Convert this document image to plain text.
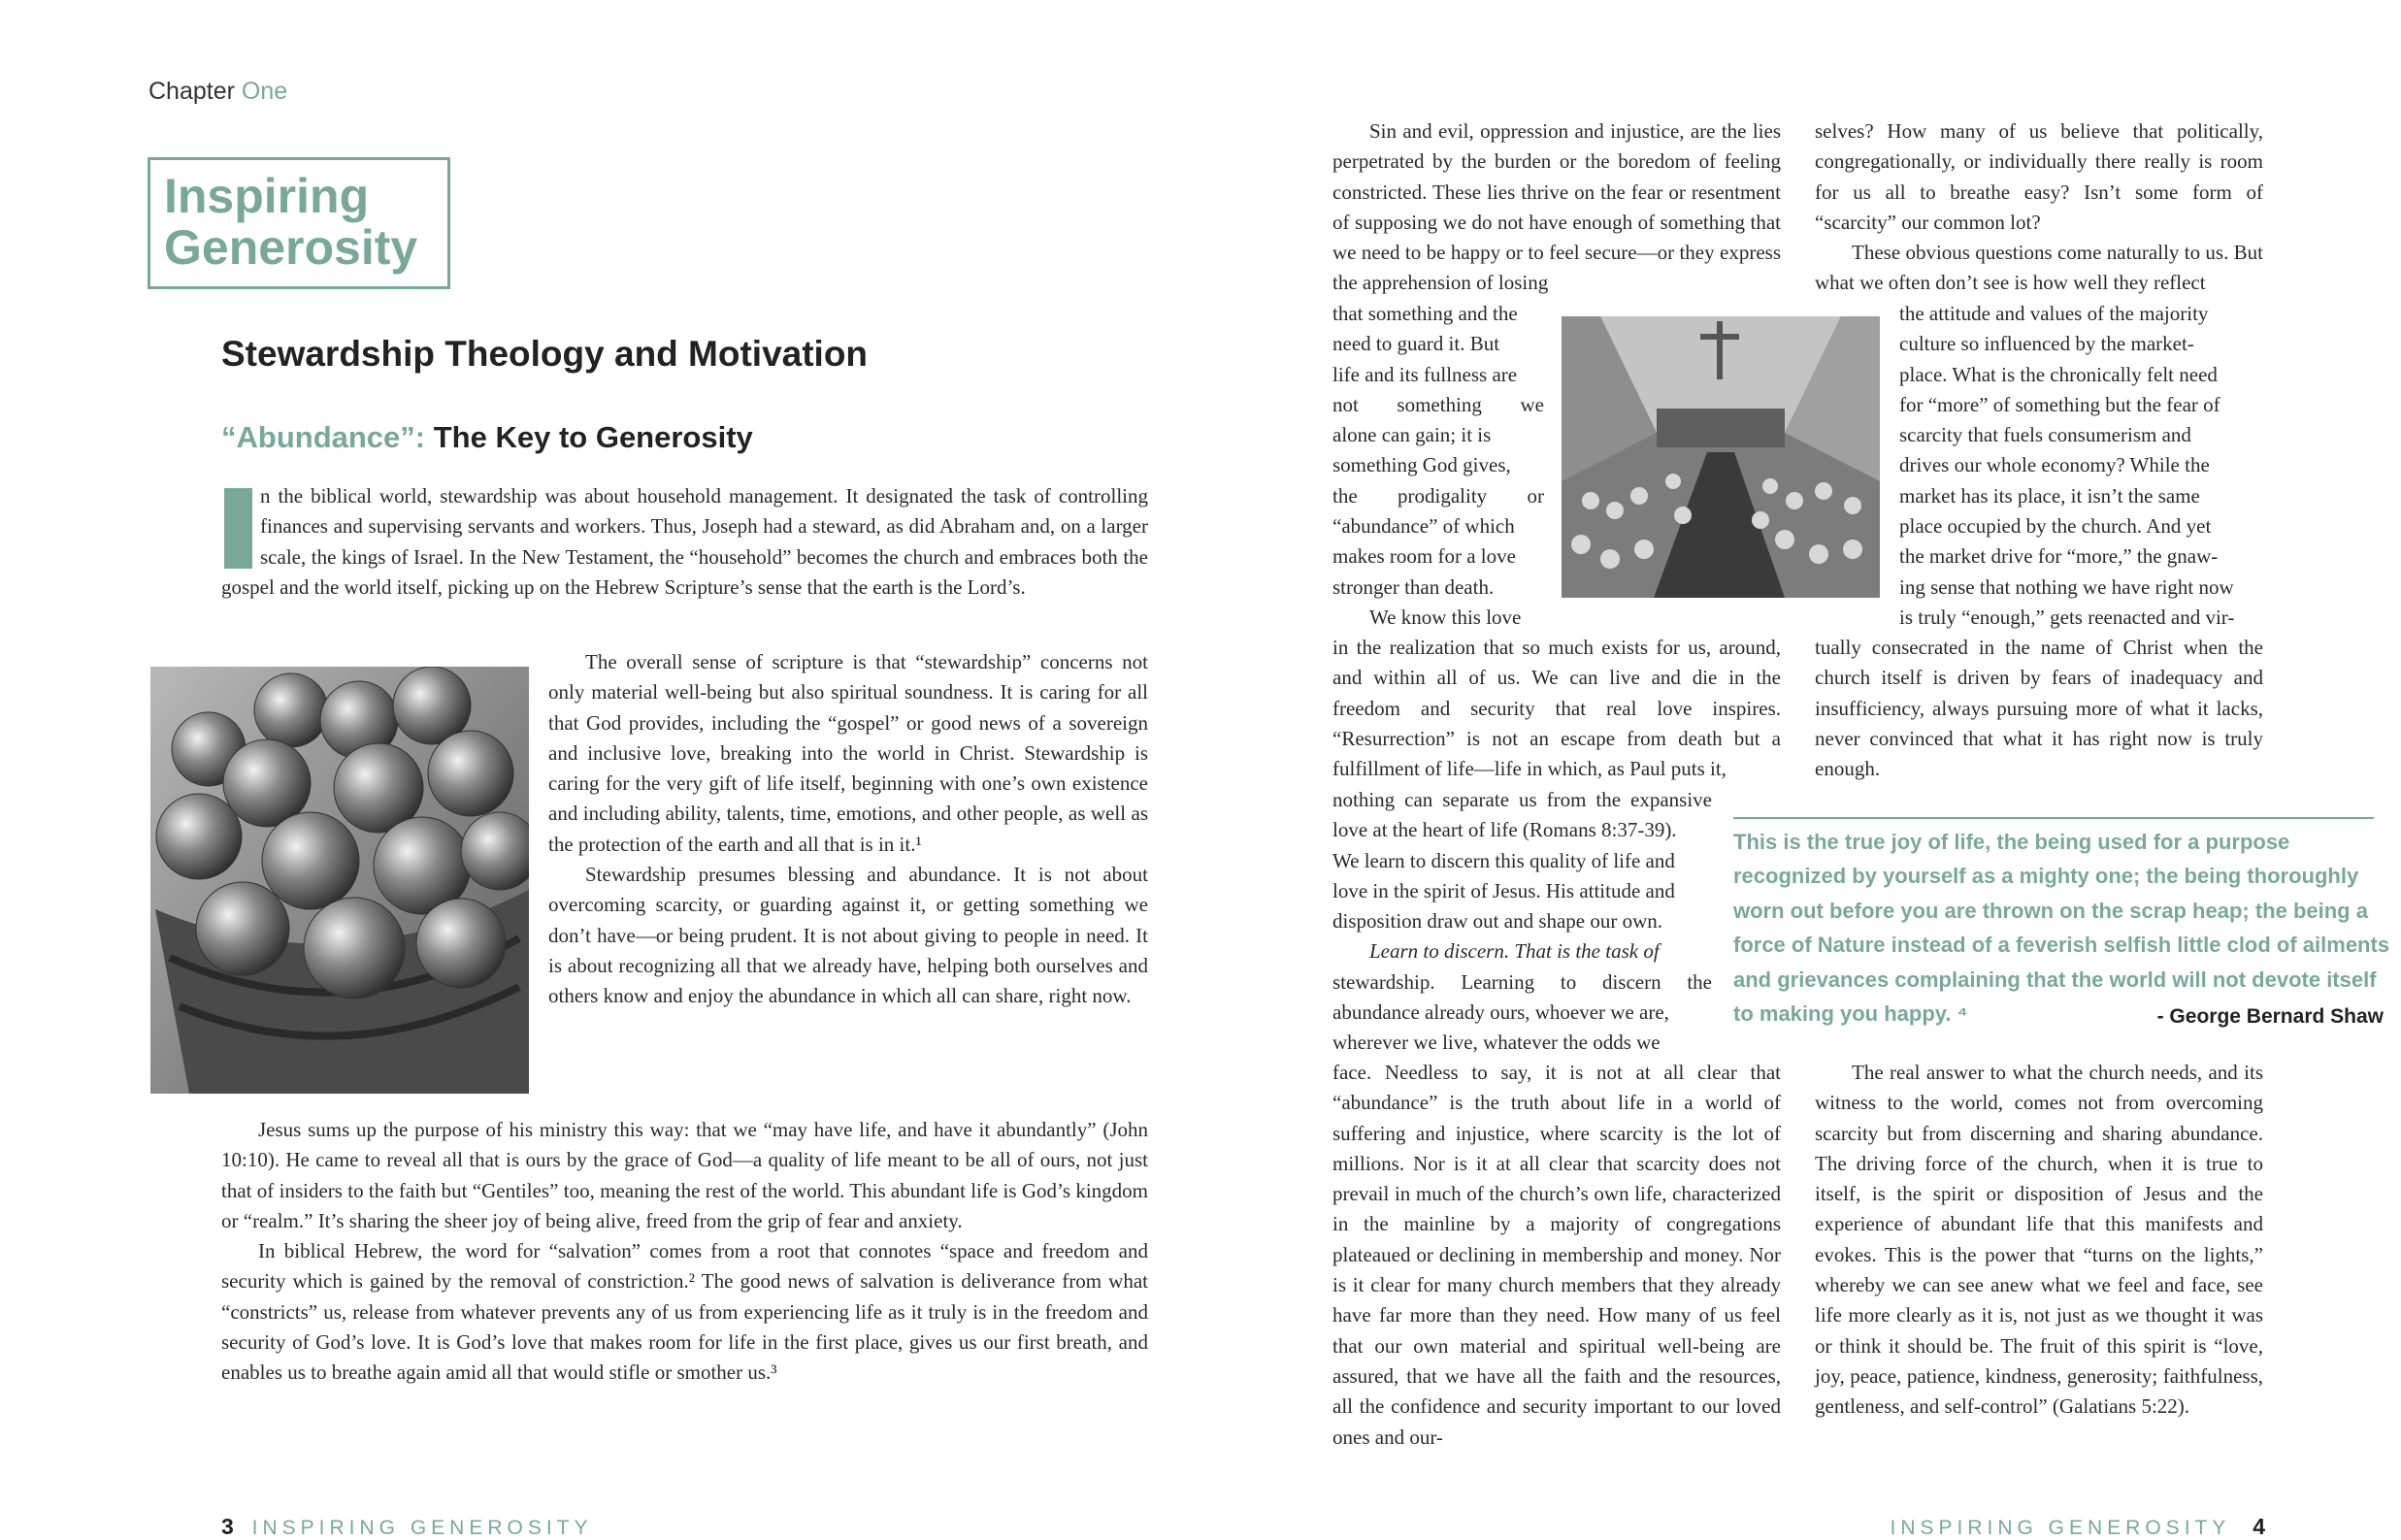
Chapter One
Inspiring
Generosity
Stewardship Theology and Motivation
“Abundance”: The Key to Generosity

n the biblical world, stewardship was about household management. It designated the task of controlling finances and supervising servants and workers. Thus, Joseph had a steward, as did Abraham and, on a larger scale, the kings of Israel. In the New Testament, the “household” becomes the church and embraces both the gospel and the world itself, picking up on the Hebrew Scripture’s sense that the earth is the Lord’s.

The overall sense of scripture is that “stewardship” concerns not only material well-being but also spiritual soundness. It is caring for all that God provides, including the “gospel” or good news of a sovereign and inclusive love, breaking into the world in Christ. Stewardship is caring for the very gift of life itself, beginning with one’s own existence and including ability, talents, time, emotions, and other people, as well as the protection of the earth and all that is in it.¹

Stewardship presumes blessing and abundance. It is not about overcoming scarcity, or guarding against it, or getting something we don’t have—or being prudent. It is not about giving to people in need. It is about recognizing all that we already have, helping both ourselves and others know and enjoy the abundance in which all can share, right now.

Jesus sums up the purpose of his ministry this way: that we “may have life, and have it abundantly” (John 10:10). He came to reveal all that is ours by the grace of God—a quality of life meant to be all of ours, not just that of insiders to the faith but “Gentiles” too, meaning the rest of the world. This abundant life is God’s kingdom or “realm.” It’s sharing the sheer joy of being alive, freed from the grip of fear and anxiety.

In biblical Hebrew, the word for “salvation” comes from a root that connotes “space and freedom and security which is gained by the removal of constriction.² The good news of salvation is deliverance from what “constricts” us, release from whatever prevents any of us from experiencing life as it truly is in the freedom and security of God’s love. It is God’s love that makes room for life in the first place, gives us our first breath, and enables us to breathe again amid all that would stifle or smother us.³

Sin and evil, oppression and injustice, are the lies perpetrated by the burden or the boredom of feeling constricted. These lies thrive on the fear or resentment of supposing we do not have enough of something that we need to be happy or to feel secure—or they express the apprehension of losing

that something and the

need to guard it. But

life and its fullness are

not something we

alone can gain; it is

something God gives,

the prodigality or

“abundance” of which

makes room for a love

stronger than death.

We know this love

in the realization that so much exists for us, around, and within all of us. We can live and die in the freedom and security that real love inspires. “Resurrection” is not an escape from death but a fulfillment of life—life in which, as Paul puts it,

nothing can separate us from the expansive

love at the heart of life (Romans 8:37-39).

We learn to discern this quality of life and

love in the spirit of Jesus. His attitude and

disposition draw out and shape our own.

Learn to discern. That is the task of

stewardship. Learning to discern the

abundance already ours, whoever we are,

wherever we live, whatever the odds we

face. Needless to say, it is not at all clear that “abundance” is the truth about life in a world of suffering and injustice, where scarcity is the lot of millions. Nor is it at all clear that scarcity does not prevail in much of the church’s own life, characterized in the mainline by a majority of congregations plateaued or declining in membership and money. Nor is it clear for many church members that they already have far more than they need. How many of us feel that our own material and spiritual well-being are assured, that we have all the faith and the resources, all the confidence and security important to our loved ones and our-

selves? How many of us believe that politically, congregationally, or individually there really is room for us all to breathe easy? Isn’t some form of “scarcity” our common lot?

These obvious questions come naturally to us. But what we often don’t see is how well they reflect

the attitude and values of the majority

culture so influenced by the market-

place. What is the chronically felt need

for “more” of something but the fear of

scarcity that fuels consumerism and

drives our whole economy? While the

market has its place, it isn’t the same

place occupied by the church. And yet

the market drive for “more,” the gnaw-

ing sense that nothing we have right now

is truly “enough,” gets reenacted and vir-

tually consecrated in the name of Christ when the church itself is driven by fears of inadequacy and insufficiency, always pursuing more of what it lacks, never convinced that what it has right now is truly enough.

This is the true joy of life, the being used for a purpose recognized by yourself as a mighty one; the being thoroughly worn out before you are thrown on the scrap heap; the being a force of Nature instead of a feverish selfish little clod of ailments and grievances complaining that the world will not devote itself to making you happy. ⁴	- George Bernard Shaw

The real answer to what the church needs, and its witness to the world, comes not from overcoming scarcity but from discerning and sharing abundance. The driving force of the church, when it is true to itself, is the spirit or disposition of Jesus and the experience of abundant life that this manifests and evokes. This is the power that “turns on the lights,” whereby we can see anew what we feel and face, see life more clearly as it is, not just as we thought it was or think it should be. The fruit of this spirit is “love, joy, peace, patience, kindness, generosity; faithfulness, gentleness, and self-control” (Galatians 5:22).

3 INSPIRING GENEROSITY	INSPIRING GENEROSITY 4
